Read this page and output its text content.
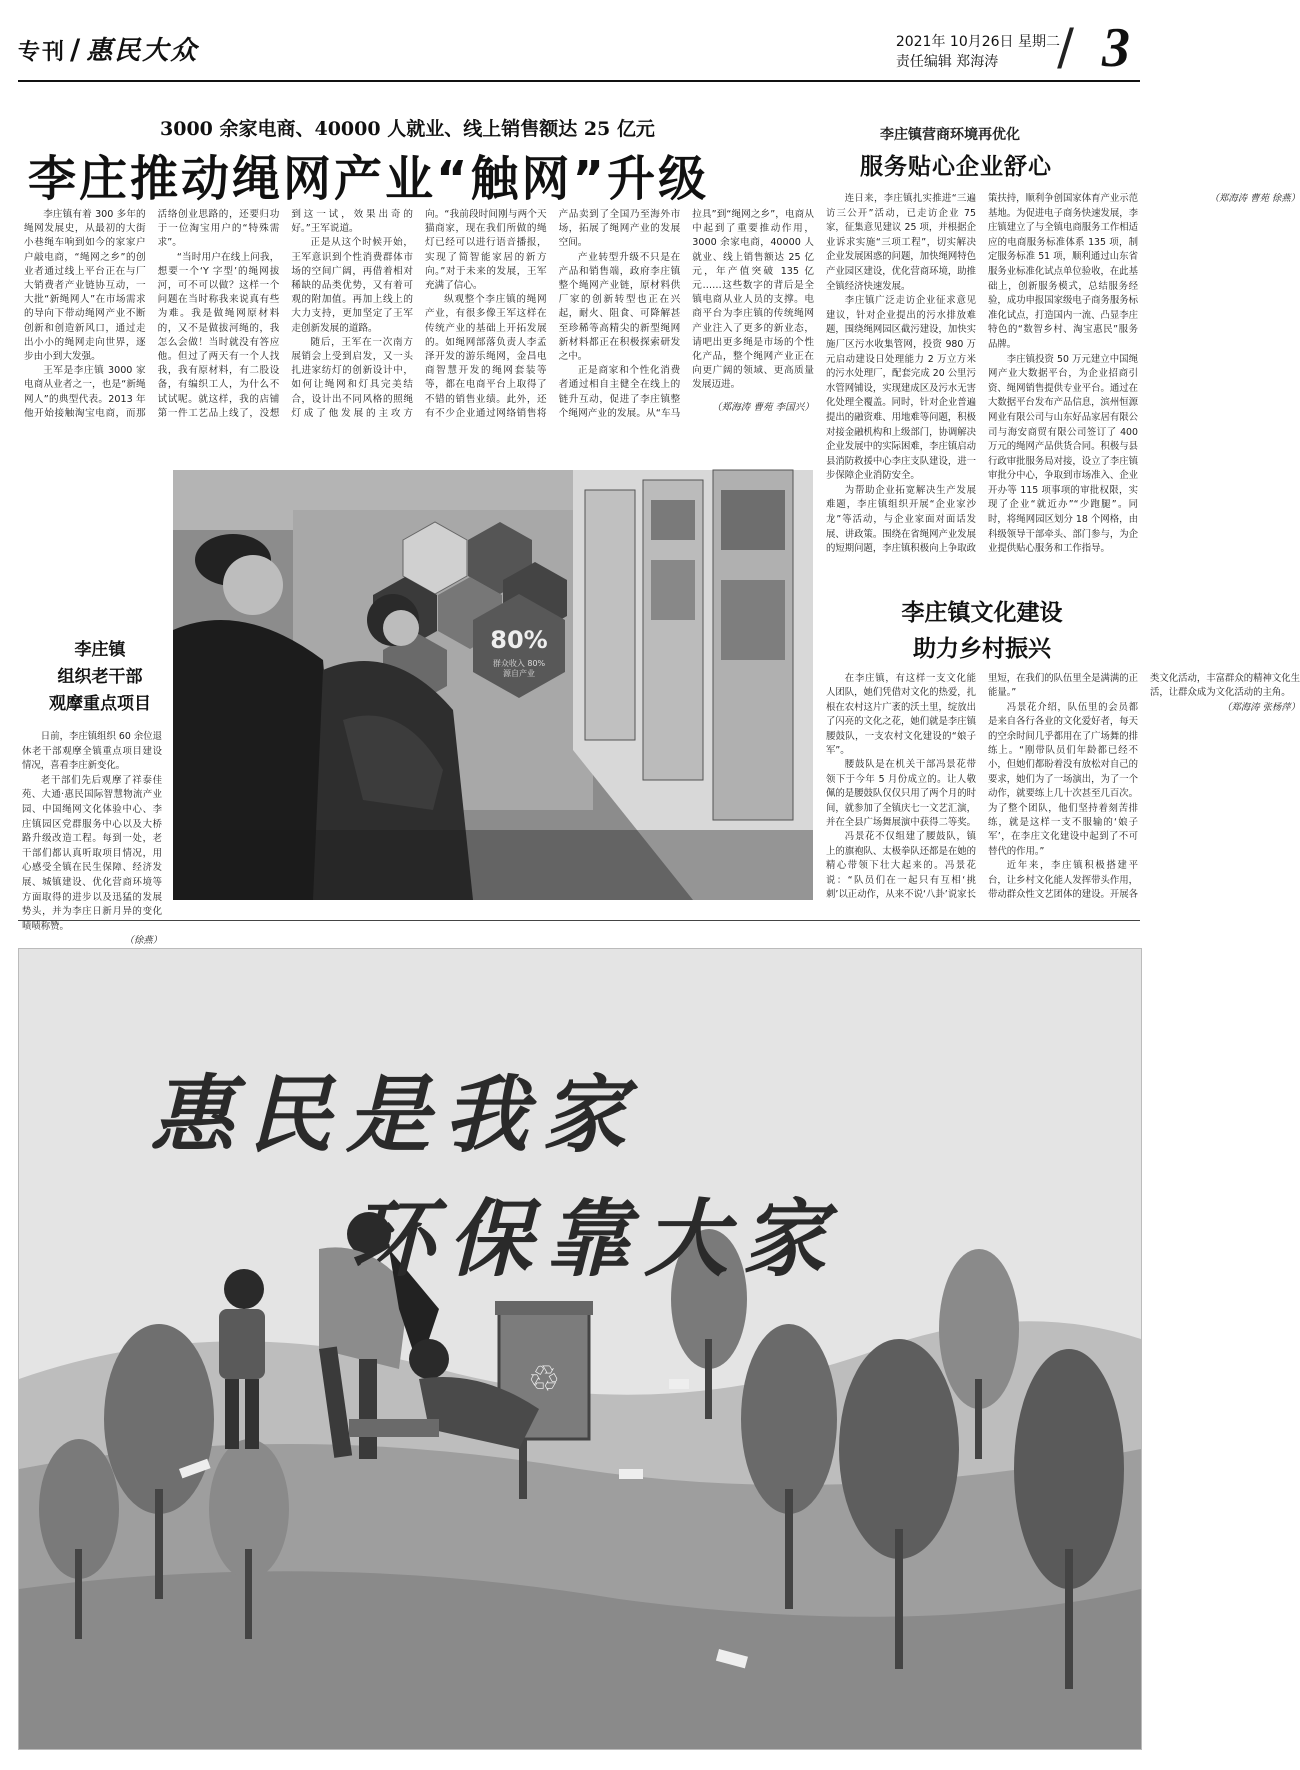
专刊 / 惠民大众	2021年 10月26日 星期二
责任编辑 郑海涛	/ 3
3000 余家电商、40000 人就业、线上销售额达 25 亿元
李庄推动绳网产业“触网”升级

李庄镇有着 300 多年的绳网发展史，从最初的大街小巷绳车响到如今的家家户户敲电商，“绳网之乡”的创业者通过线上平台正在与厂大销费者产业链协互动，一大批“新绳网人”在市场需求的导向下带动绳网产业不断创新和创造新风口，通过走出小小的绳网走向世界，逐步由小到大发强。

王军是李庄镇 3000 家电商从业者之一，也是“新绳网人”的典型代表。2013 年他开始接触淘宝电商，而那活络创业思路的，还要归功于一位淘宝用户的“特殊需求”。

“当时用户在线上问我，想要一个‘Y 字型’的绳网拔河，可不可以做？这样一个问题在当时称我来说真有些为难。我是做绳网原材料的，又不是做拔河绳的，我怎么会做！当时就没有答应他。但过了两天有一个人找我，我有原材料，有二股设备，有编织工人，为什么不试试呢。就这样，我的店铺第一件工艺品上线了，没想到这一试，效果出奇的好。”王军说道。

正是从这个时候开始，王军意识到个性消费群体市场的空间广阔，再借着相对稀缺的品类优势，又有着可观的附加值。再加上线上的大力支持，更加坚定了王军走创新发展的道路。

随后，王军在一次南方展销会上受到启发，又一头扎进家纺灯的创新设计中，如何让绳网和灯具完美结合，设计出不同风格的照绳灯成了他发展的主攻方向。“我前段时间刚与两个天猫商家，现在我们所做的绳灯已经可以进行语音播报，实现了简智能家居的新方向。”对于未来的发展，王军充满了信心。

纵观整个李庄镇的绳网产业，有很多像王军这样在传统产业的基础上开拓发展的。如绳网部落负责人李孟泽开发的游乐绳网，金昌电商智慧开发的绳网套装等等，都在电商平台上取得了不错的销售业绩。此外，还有不少企业通过网络销售将产品卖到了全国乃至海外市场，拓展了绳网产业的发展空间。

产业转型升级不只是在产品和销售端，政府李庄镇整个绳网产业链，原材料供厂家的创新转型也正在兴起，耐火、阻食、可降解甚至珍稀等高精尖的新型绳网新材料都正在积极探索研发之中。

正是商家和个性化消费者通过相自主健全在线上的链升互动，促进了李庄镇整个绳网产业的发展。从“车马拉具”到“绳网之乡”，电商从中起到了重要推动作用，3000 余家电商，40000 人就业、线上销售额达 25 亿元，年产值突破 135 亿元……这些数字的背后是全镇电商从业人员的支撑。电商平台为李庄镇的传统绳网产业注入了更多的新业态，请吧出更多绳是市场的个性化产品，整个绳网产业正在向更广阔的领域、更高质量发展迈进。

（郑海涛 曹苑 李国兴）

80%
群众收入 80%源自产业
李庄镇
组织老干部
观摩重点项目

日前，李庄镇组织 60 余位退休老干部观摩全镇重点项目建设情况，喜看李庄新变化。

老干部们先后观摩了祥泰佳苑、大通·惠民国际智慧物流产业园、中国绳网文化体验中心、李庄镇园区党群服务中心以及大桥路升级改造工程。每到一处，老干部们都认真听取项目情况，用心感受全镇在民生保障、经济发展、城镇建设、优化营商环境等方面取得的进步以及迅猛的发展势头，并为李庄日新月异的变化啧啧称赞。

（徐燕）

李庄镇营商环境再优化
服务贴心企业舒心

连日来，李庄镇扎实推进“三遍访三公开”活动，已走访企业 75 家，征集意见建议 25 项，并根据企业诉求实施“三项工程”，切实解决企业发展困惑的问题，加快绳网特色产业园区建设，优化营商环境，助推全镇经济快速发展。

李庄镇广泛走访企业征求意见建议，针对企业提出的污水排放难题，围绕绳网园区截污建设，加快实施厂区污水收集管网，投资 980 万元启动建设日处理能力 2 万立方米的污水处理厂，配套完成 20 公里污水管网铺设，实现建成区及污水无害化处理全覆盖。同时，针对企业普遍提出的融资难、用地难等问题，积极对接金融机构和上级部门，协调解决企业发展中的实际困难，李庄镇启动县消防救援中心李庄支队建设，进一步保障企业消防安全。

为帮助企业拓宽解决生产发展难题，李庄镇组织开展“企业家沙龙”等活动，与企业家面对面话发展、讲政策。围绕在省绳网产业发展的短期问题，李庄镇积极向上争取政策扶持，顺利争创国家体育产业示范基地。为促进电子商务快速发展，李庄镇建立了与全镇电商服务工作相适应的电商服务标准体系 135 项，制定服务标准 51 项，顺利通过山东省服务业标准化试点单位验收，在此基础上，创新服务模式，总结服务经验，成功申报国家级电子商务服务标准化试点，打造国内一流、凸显李庄特色的“数智乡村、淘宝惠民”服务品牌。

李庄镇投资 50 万元建立中国绳网产业大数据平台，为企业招商引资、绳网销售提供专业平台。通过在大数据平台发布产品信息，滨州恒源网业有限公司与山东好品家居有限公司与海安商贸有限公司签订了 400 万元的绳网产品供货合同。积极与县行政审批服务局对接，设立了李庄镇审批分中心，争取到市场准入、企业开办等 115 项事项的审批权限，实现了企业“就近办”“少跑腿”。同时，将绳网园区划分 18 个网格，由科级领导干部牵头、部门参与，为企业提供贴心服务和工作指导。

（郑海涛 曹苑 徐燕）

李庄镇文化建设
助力乡村振兴

在李庄镇，有这样一支文化能人团队，她们凭借对文化的热爱，扎根在农村这片广袤的沃土里，绽放出了闪亮的文化之花，她们就是李庄镇腰鼓队，一支农村文化建设的“娘子军”。

腰鼓队是在机关干部冯景花带领下于今年 5 月份成立的。让人敬佩的是腰鼓队仅仅只用了两个月的时间，就参加了全镇庆七一文艺汇演，并在全县广场舞展演中获得二等奖。

冯景花不仅组建了腰鼓队，镇上的旗袍队、太极拳队还都是在她的精心带领下壮大起来的。冯景花说：“队员们在一起只有互相‘挑刺’以正动作，从来不说‘八卦’说家长里短，在我们的队伍里全是满满的正能量。”

冯景花介绍，队伍里的会员都是来自各行各业的文化爱好者，每天的空余时间几乎都用在了广场舞的排练上。“刚带队员们年龄都已经不小，但她们都盼着没有放松对自己的要求，她们为了一场演出，为了一个动作，就要练上几十次甚至几百次。为了整个团队，他们坚持着刻苦排练，就是这样一支不服输的‘娘子军’，在李庄文化建设中起到了不可替代的作用。”

近年来，李庄镇积极搭建平台，让乡村文化能人发挥带头作用，带动群众性文艺团体的建设。开展各类文化活动，丰富群众的精神文化生活，让群众成为文化活动的主角。

（郑海涛 张杨萍）

♲
惠民是我家
环保靠大家
